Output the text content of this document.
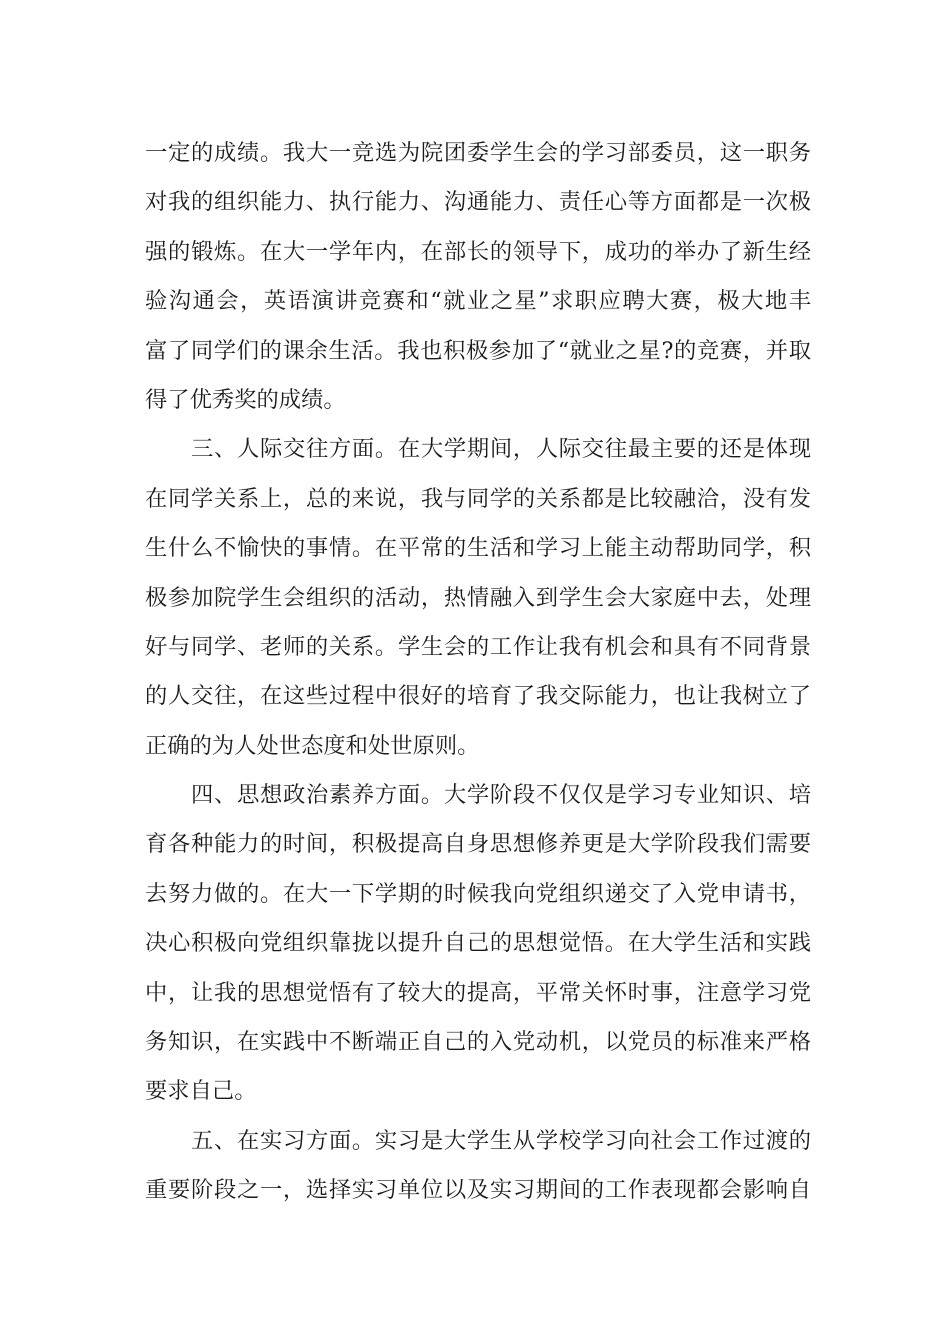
一定的成绩。我大一竞选为院团委学生会的学习部委员，这一职务
对我的组织能力、执行能力、沟通能力、责任心等方面都是一次极
强的锻炼。在大一学年内，在部长的领导下，成功的举办了新生经
验沟通会，英语演讲竞赛和“就业之星”求职应聘大赛，极大地丰
富了同学们的课余生活。我也积极参加了“就业之星?的竞赛，并取
得了优秀奖的成绩。
三、人际交往方面。在大学期间，人际交往最主要的还是体现
在同学关系上，总的来说，我与同学的关系都是比较融洽，没有发
生什么不愉快的事情。在平常的生活和学习上能主动帮助同学，积
极参加院学生会组织的活动，热情融入到学生会大家庭中去，处理
好与同学、老师的关系。学生会的工作让我有机会和具有不同背景
的人交往，在这些过程中很好的培育了我交际能力，也让我树立了
正确的为人处世态度和处世原则。
四、思想政治素养方面。大学阶段不仅仅是学习专业知识、培
育各种能力的时间，积极提高自身思想修养更是大学阶段我们需要
去努力做的。在大一下学期的时候我向党组织递交了入党申请书，
决心积极向党组织靠拢以提升自己的思想觉悟。在大学生活和实践
中，让我的思想觉悟有了较大的提高，平常关怀时事，注意学习党
务知识，在实践中不断端正自己的入党动机，以党员的标准来严格
要求自己。
五、在实习方面。实习是大学生从学校学习向社会工作过渡的
重要阶段之一，选择实习单位以及实习期间的工作表现都会影响自
